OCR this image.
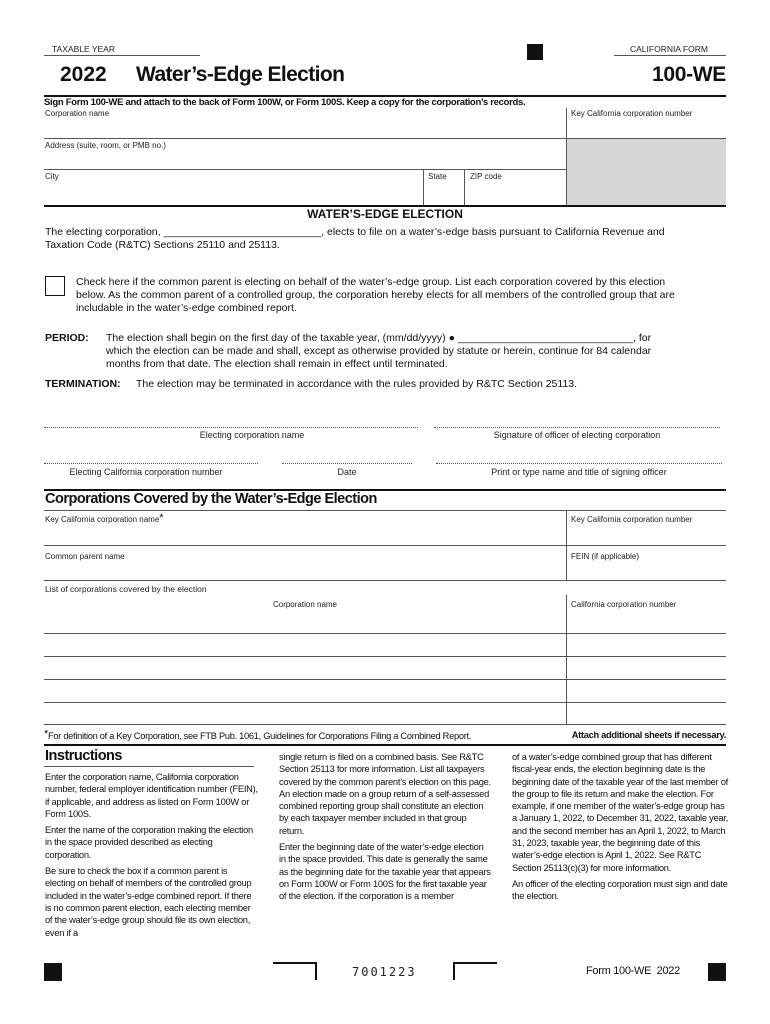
TAXABLE YEAR	CALIFORNIA FORM
2022 Water’s-Edge Election	100-WE
Sign Form 100-WE and attach to the back of Form 100W, or Form 100S. Keep a copy for the corporation’s records.
Corporation name	Key California corporation number
Address (suite, room, or PMB no.)
City	State	ZIP code
WATER’S-EDGE ELECTION
The electing corporation, ___________________________, elects to file on a water’s-edge basis pursuant to California Revenue and
Taxation Code (R&TC) Sections 25110 and 25113.
Check here if the common parent is electing on behalf of the water’s-edge group. List each corporation covered by this election
below. As the common parent of a controlled group, the corporation hereby elects for all members of the controlled group that are
includable in the water’s-edge combined report.
PERIOD: The election shall begin on the first day of the taxable year, (mm/dd/yyyy) ● ______________________________, for
which the election can be made and shall, except as otherwise provided by statute or herein, continue for 84 calendar
months from that date. The election shall remain in effect until terminated.
TERMINATION: The election may be terminated in accordance with the rules provided by R&TC Section 25113.
Electing corporation name	Signature of officer of electing corporation
Electing California corporation number	Date	Print or type name and title of signing officer
Corporations Covered by the Water’s-Edge Election
Key California corporation name*	Key California corporation number
Common parent name	FEIN (if applicable)
List of corporations covered by the election
Corporation name	California corporation number
*For definition of a Key Corporation, see FTB Pub. 1061, Guidelines for Corporations Filing a Combined Report.	Attach additional sheets if necessary.
Instructions

Enter the corporation name, California corporation number, federal employer identification number (FEIN), if applicable, and address as listed on Form 100W or Form 100S.

Enter the name of the corporation making the election in the space provided described as electing corporation.

Be sure to check the box if a common parent is electing on behalf of members of the controlled group included in the water’s-edge combined report. If there is no common parent election, each electing member of the water’s-edge group should file its own election, even if a

single return is filed on a combined basis. See R&TC Section 25113 for more information. List all taxpayers covered by the common parent’s election on this page. An election made on a group return of a self-assessed combined reporting group shall constitute an election by each taxpayer member included in that group return.

Enter the beginning date of the water’s-edge election in the space provided. This date is generally the same as the beginning date for the taxable year that appears on Form 100W or Form 100S for the first taxable year of the election. If the corporation is a member

of a water’s-edge combined group that has different fiscal-year ends, the election beginning date is the beginning date of the taxable year of the last member of the group to file its return and make the election. For example, if one member of the water’s-edge group has a January 1, 2022, to December 31, 2022, taxable year, and the second member has an April 1, 2022, to March 31, 2023, taxable year, the beginning date of this water’s-edge election is April 1, 2022. See R&TC Section 25113(c)(3) for more information.

An officer of the electing corporation must sign and date the election.

7001223	Form 100-WE  2022
